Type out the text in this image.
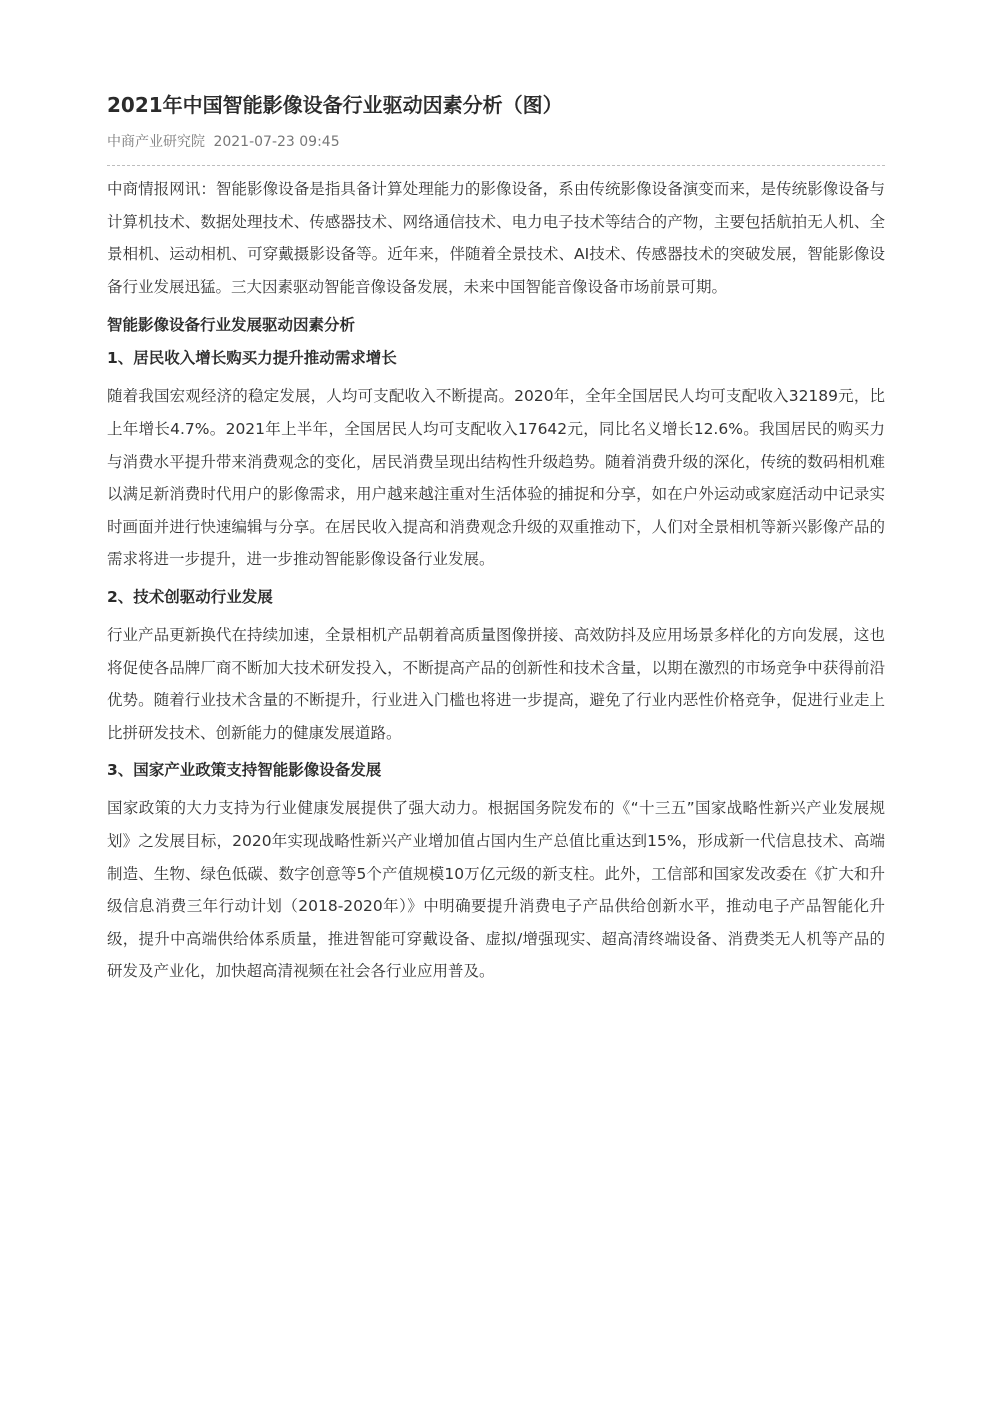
2021年中国智能影像设备行业驱动因素分析（图）
中商产业研究院 2021-07-23 09:45

中商情报网讯：智能影像设备是指具备计算处理能力的影像设备，系由传统影像设备演变而来，是传统影像设备与计算机技术、数据处理技术、传感器技术、网络通信技术、电力电子技术等结合的产物，主要包括航拍无人机、全景相机、运动相机、可穿戴摄影设备等。近年来，伴随着全景技术、AI技术、传感器技术的突破发展，智能影像设备行业发展迅猛。三大因素驱动智能音像设备发展，未来中国智能音像设备市场前景可期。

智能影像设备行业发展驱动因素分析
1、居民收入增长购买力提升推动需求增长

随着我国宏观经济的稳定发展，人均可支配收入不断提高。2020年，全年全国居民人均可支配收入32189元，比上年增长4.7%。2021年上半年，全国居民人均可支配收入17642元，同比名义增长12.6%。我国居民的购买力与消费水平提升带来消费观念的变化，居民消费呈现出结构性升级趋势。随着消费升级的深化，传统的数码相机难以满足新消费时代用户的影像需求，用户越来越注重对生活体验的捕捉和分享，如在户外运动或家庭活动中记录实时画面并进行快速编辑与分享。在居民收入提高和消费观念升级的双重推动下，人们对全景相机等新兴影像产品的需求将进一步提升，进一步推动智能影像设备行业发展。

2、技术创驱动行业发展

行业产品更新换代在持续加速，全景相机产品朝着高质量图像拼接、高效防抖及应用场景多样化的方向发展，这也将促使各品牌厂商不断加大技术研发投入，不断提高产品的创新性和技术含量，以期在激烈的市场竞争中获得前沿优势。随着行业技术含量的不断提升，行业进入门槛也将进一步提高，避免了行业内恶性价格竞争，促进行业走上比拼研发技术、创新能力的健康发展道路。

3、国家产业政策支持智能影像设备发展

国家政策的大力支持为行业健康发展提供了强大动力。根据国务院发布的《“十三五”国家战略性新兴产业发展规划》之发展目标，2020年实现战略性新兴产业增加值占国内生产总值比重达到15%，形成新一代信息技术、高端制造、生物、绿色低碳、数字创意等5个产值规模10万亿元级的新支柱。此外，工信部和国家发改委在《扩大和升级信息消费三年行动计划（2018-2020年）》中明确要提升消费电子产品供给创新水平，推动电子产品智能化升级，提升中高端供给体系质量，推进智能可穿戴设备、虚拟/增强现实、超高清终端设备、消费类无人机等产品的研发及产业化，加快超高清视频在社会各行业应用普及。
